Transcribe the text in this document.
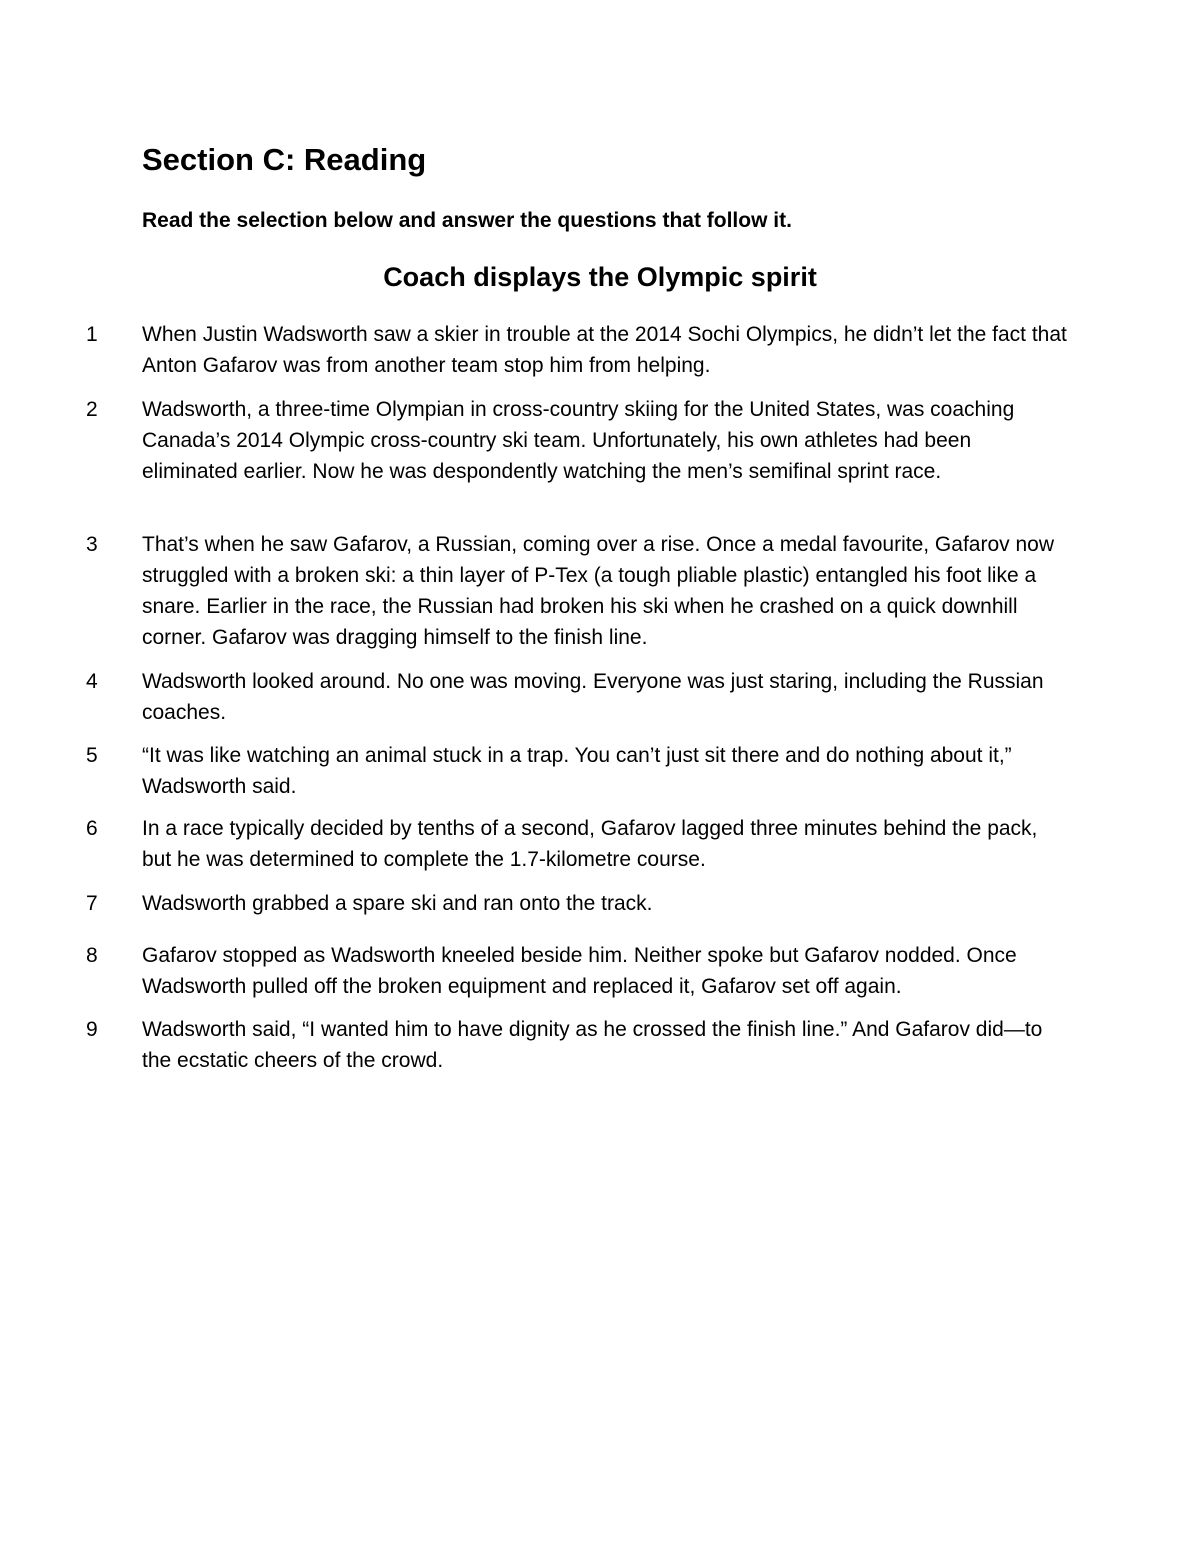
Section C: Reading

Read the selection below and answer the questions that follow it.

Coach displays the Olympic spirit
1	When Justin Wadsworth saw a skier in trouble at the 2014 Sochi Olympics, he didn’t let the fact that Anton Gafarov was from another team stop him from helping.

2	Wadsworth, a three-time Olympian in cross-country skiing for the United States, was coaching Canada’s 2014 Olympic cross-country ski team. Unfortunately, his own athletes had been eliminated earlier. Now he was despondently watching the men’s semifinal sprint race.

3	That’s when he saw Gafarov, a Russian, coming over a rise. Once a medal favourite, Gafarov now struggled with a broken ski: a thin layer of P-Tex (a tough pliable plastic) entangled his foot like a snare. Earlier in the race, the Russian had broken his ski when he crashed on a quick downhill corner. Gafarov was dragging himself to the finish line.

4	Wadsworth looked around. No one was moving. Everyone was just staring, including the Russian coaches.

5	“It was like watching an animal stuck in a trap. You can’t just sit there and do nothing about it,” Wadsworth said.

6	In a race typically decided by tenths of a second, Gafarov lagged three minutes behind the pack, but he was determined to complete the 1.7-kilometre course.

7	Wadsworth grabbed a spare ski and ran onto the track.

8	Gafarov stopped as Wadsworth kneeled beside him. Neither spoke but Gafarov nodded. Once Wadsworth pulled off the broken equipment and replaced it, Gafarov set off again.

9	Wadsworth said, “I wanted him to have dignity as he crossed the finish line.” And Gafarov did—to the ecstatic cheers of the crowd.
